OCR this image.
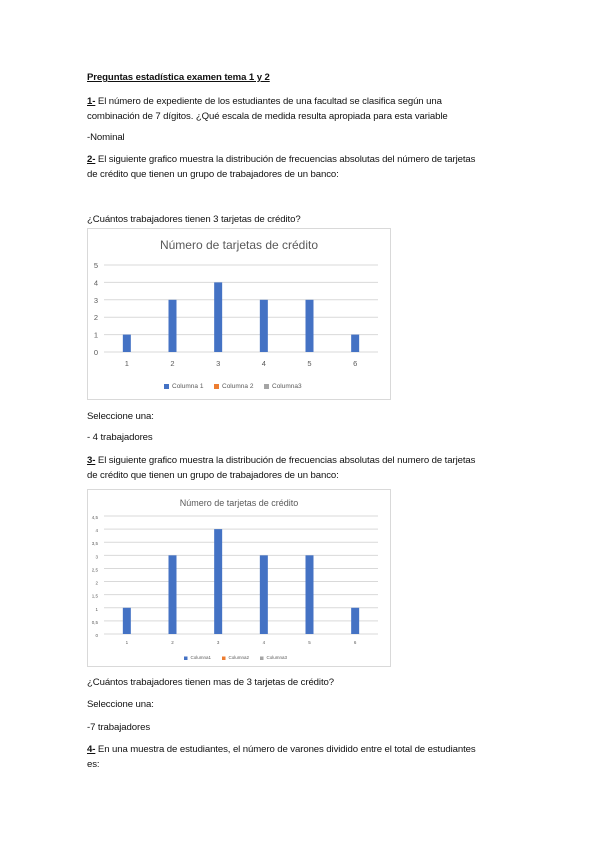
Preguntas estadística examen tema 1 y 2
1- El número de expediente de los estudiantes de una facultad se clasifica según una
combinación de 7 dígitos. ¿Qué escala de medida resulta apropiada para esta variable
-Nominal
2- El siguiente grafico muestra la distribución de frecuencias absolutas del número de tarjetas
de crédito que tienen un grupo de trabajadores de un banco:
¿Cuántos trabajadores tienen 3 tarjetas de crédito?
Número de tarjetas de crédito
0
1
2
3
4
5
1	2	3	4	5	6
Columna 1	Columna 2	Columna3
Seleccione una:
- 4 trabajadores
3- El siguiente grafico muestra la distribución de frecuencias absolutas del numero de tarjetas
de crédito que tienen un grupo de trabajadores de un banco:
Número de tarjetas de crédito
0
0,5
1
1,5
2
2,5
3
3,5
4
4,5
1	2	3	4	5	6
Columna1	Columna2	Columna3
¿Cuántos trabajadores tienen mas de 3 tarjetas de crédito?
Seleccione una:
-7 trabajadores
4- En una muestra de estudiantes, el número de varones dividido entre el total de estudiantes
es:
